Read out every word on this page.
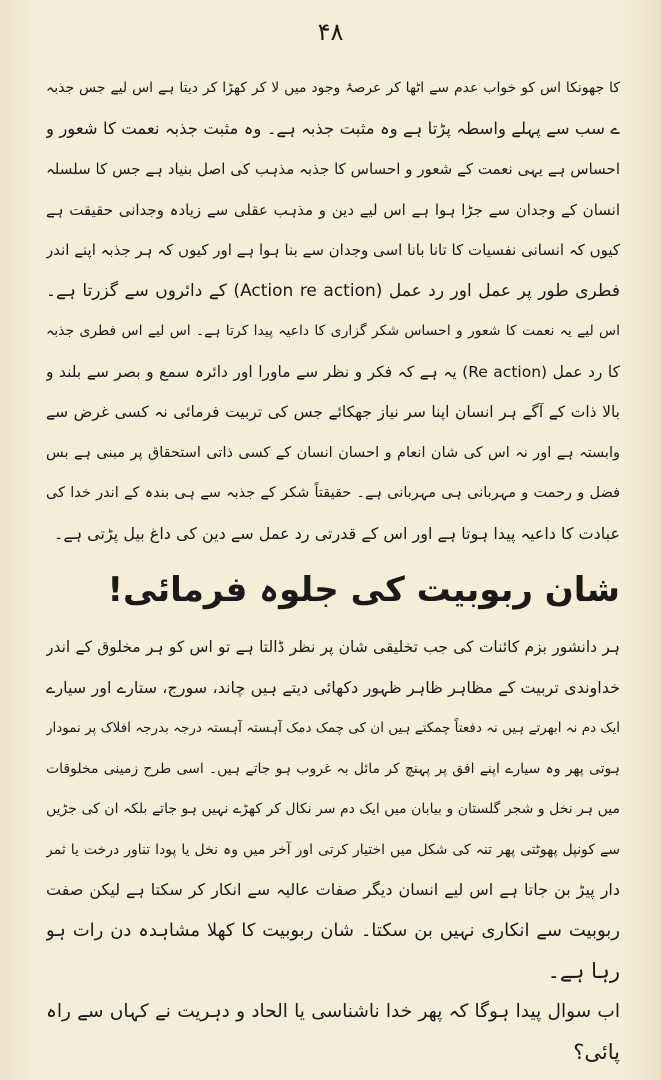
۴۸
کا جھونکا اس کو خواب عدم سے اٹھا کر عرصۂ وجود میں لا کر کھڑا کر دیتا ہے اس لیے جس جذبہ
ے سب سے پہلے واسطہ پڑتا ہے وہ مثبت جذبہ ہے۔ وہ مثبت جذبہ نعمت کا شعور و
احساس ہے یہی نعمت کے شعور و احساس کا جذبہ مذہب کی اصل بنیاد ہے جس کا سلسلہ
انسان کے وجدان سے جڑا ہوا ہے اس لیے دین و مذہب عقلی سے زیادہ وجدانی حقیقت ہے
کیوں کہ انسانی نفسیات کا تانا بانا اسی وجدان سے بنا ہوا ہے اور کیوں کہ ہر جذبہ اپنے اندر
فطری طور پر عمل اور رد عمل (Action re action) کے دائروں سے گزرتا ہے۔
اس لیے یہ نعمت کا شعور و احساس شکر گزاری کا داعیہ پیدا کرتا ہے۔ اس لیے اس فطری جذبہ
کا رد عمل (Re action) یہ ہے کہ فکر و نظر سے ماورا اور دائرہ سمع و بصر سے بلند و
بالا ذات کے آگے ہر انسان اپنا سر نیاز جھکائے جس کی تربیت فرمائی نہ کسی غرض سے
وابستہ ہے اور نہ اس کی شان انعام و احسان انسان کے کسی ذاتی استحقاق پر مبنی ہے بس
فضل و رحمت و مہربانی ہی مہربانی ہے۔ حقیقتاً شکر کے جذبہ سے ہی بندہ کے اندر خدا کی
عبادت کا داعیہ پیدا ہوتا ہے اور اس کے قدرتی رد عمل سے دین کی داغ بیل پڑتی ہے۔
شان ربوبیت کی جلوہ فرمائی!
ہر دانشور بزم کائنات کی جب تخلیقی شان پر نظر ڈالتا ہے تو اس کو ہر مخلوق کے اندر
خداوندی تربیت کے مظاہر ظاہر ظہور دکھائی دیتے ہیں چاند، سورج، ستارے اور سیارے
ایک دم نہ ابھرتے ہیں نہ دفعتاً چمکتے ہیں ان کی چمک دمک آہستہ آہستہ درجہ بدرجہ افلاک پر نمودار
ہوتی پھر وہ سیارے اپنے افق پر پہنچ کر مائل بہ غروب ہو جاتے ہیں۔ اسی طرح زمینی مخلوقات
میں ہر نخل و شجر گلستان و بیابان میں ایک دم سر نکال کر کھڑے نہیں ہو جاتے بلکہ ان کی جڑیں
سے کونپل پھوٹتی پھر تنہ کی شکل میں اختیار کرتی اور آخر میں وہ نخل یا پودا تناور درخت یا ثمر
دار پیڑ بن جاتا ہے اس لیے انسان دیگر صفات عالیہ سے انکار کر سکتا ہے لیکن صفت
ربوبیت سے انکاری نہیں بن سکتا۔ شان ربوبیت کا کھلا مشاہدہ دن رات ہو
رہا ہے۔
اب سوال پیدا ہوگا کہ پھر خدا ناشناسی یا الحاد و دہریت نے کہاں سے راہ
پائی؟
